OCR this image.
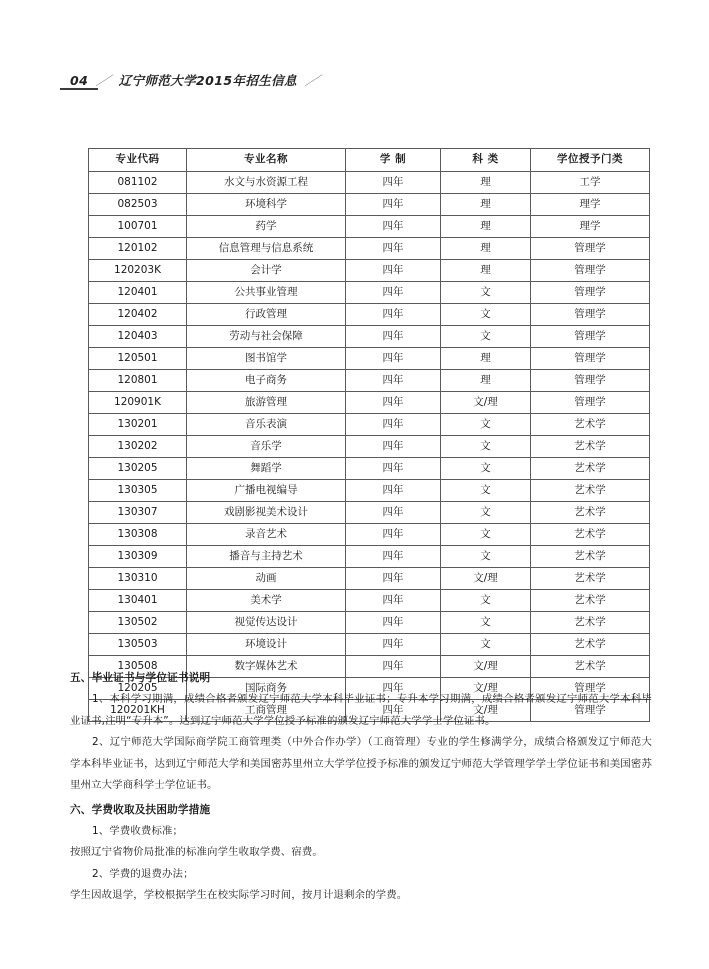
04 ／ 辽宁师范大学2015年招生信息 ／
专业代码	专业名称	学 制	科 类	学位授予门类
081102	水文与水资源工程	四年	理	工学
082503	环境科学	四年	理	理学
100701	药学	四年	理	理学
120102	信息管理与信息系统	四年	理	管理学
120203K	会计学	四年	理	管理学
120401	公共事业管理	四年	文	管理学
120402	行政管理	四年	文	管理学
120403	劳动与社会保障	四年	文	管理学
120501	图书馆学	四年	理	管理学
120801	电子商务	四年	理	管理学
120901K	旅游管理	四年	文/理	管理学
130201	音乐表演	四年	文	艺术学
130202	音乐学	四年	文	艺术学
130205	舞蹈学	四年	文	艺术学
130305	广播电视编导	四年	文	艺术学
130307	戏剧影视美术设计	四年	文	艺术学
130308	录音艺术	四年	文	艺术学
130309	播音与主持艺术	四年	文	艺术学
130310	动画	四年	文/理	艺术学
130401	美术学	四年	文	艺术学
130502	视觉传达设计	四年	文	艺术学
130503	环境设计	四年	文	艺术学
130508	数字媒体艺术	四年	文/理	艺术学
120205	国际商务	四年	文/理	管理学
120201KH	工商管理	四年	文/理	管理学
五、毕业证书与学位证书说明
1、本科学习期满，成绩合格者颁发辽宁师范大学本科毕业证书；专升本学习期满，成绩合格者颁发辽宁师范大学本科毕业证书,注明“专升本”。达到辽宁师范大学学位授予标准的颁发辽宁师范大学学士学位证书。
2、辽宁师范大学国际商学院工商管理类（中外合作办学）（工商管理）专业的学生修满学分，成绩合格颁发辽宁师范大学本科毕业证书，达到辽宁师范大学和美国密苏里州立大学学位授予标准的颁发辽宁师范大学管理学学士学位证书和美国密苏里州立大学商科学士学位证书。
六、学费收取及扶困助学措施
1、学费收费标准；
按照辽宁省物价局批准的标准向学生收取学费、宿费。
2、学费的退费办法；
学生因故退学，学校根据学生在校实际学习时间，按月计退剩余的学费。
